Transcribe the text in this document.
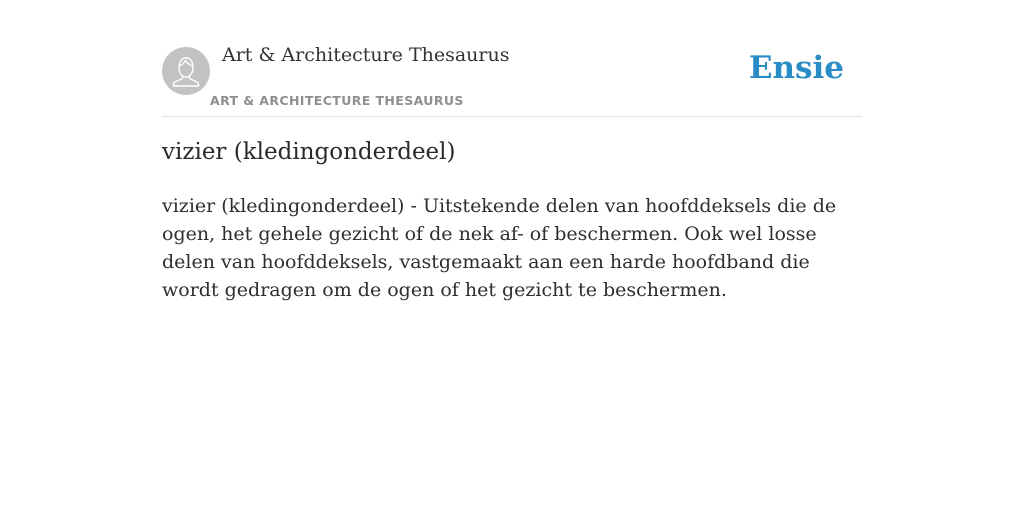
Art & Architecture Thesaurus
ART & ARCHITECTURE THESAURUS
Ensie
vizier (kledingonderdeel)

vizier (kledingonderdeel) - Uitstekende delen van hoofddeksels die de ogen, het gehele gezicht of de nek af- of beschermen. Ook wel losse delen van hoofddeksels, vastgemaakt aan een harde hoofdband die wordt gedragen om de ogen of het gezicht te beschermen.
